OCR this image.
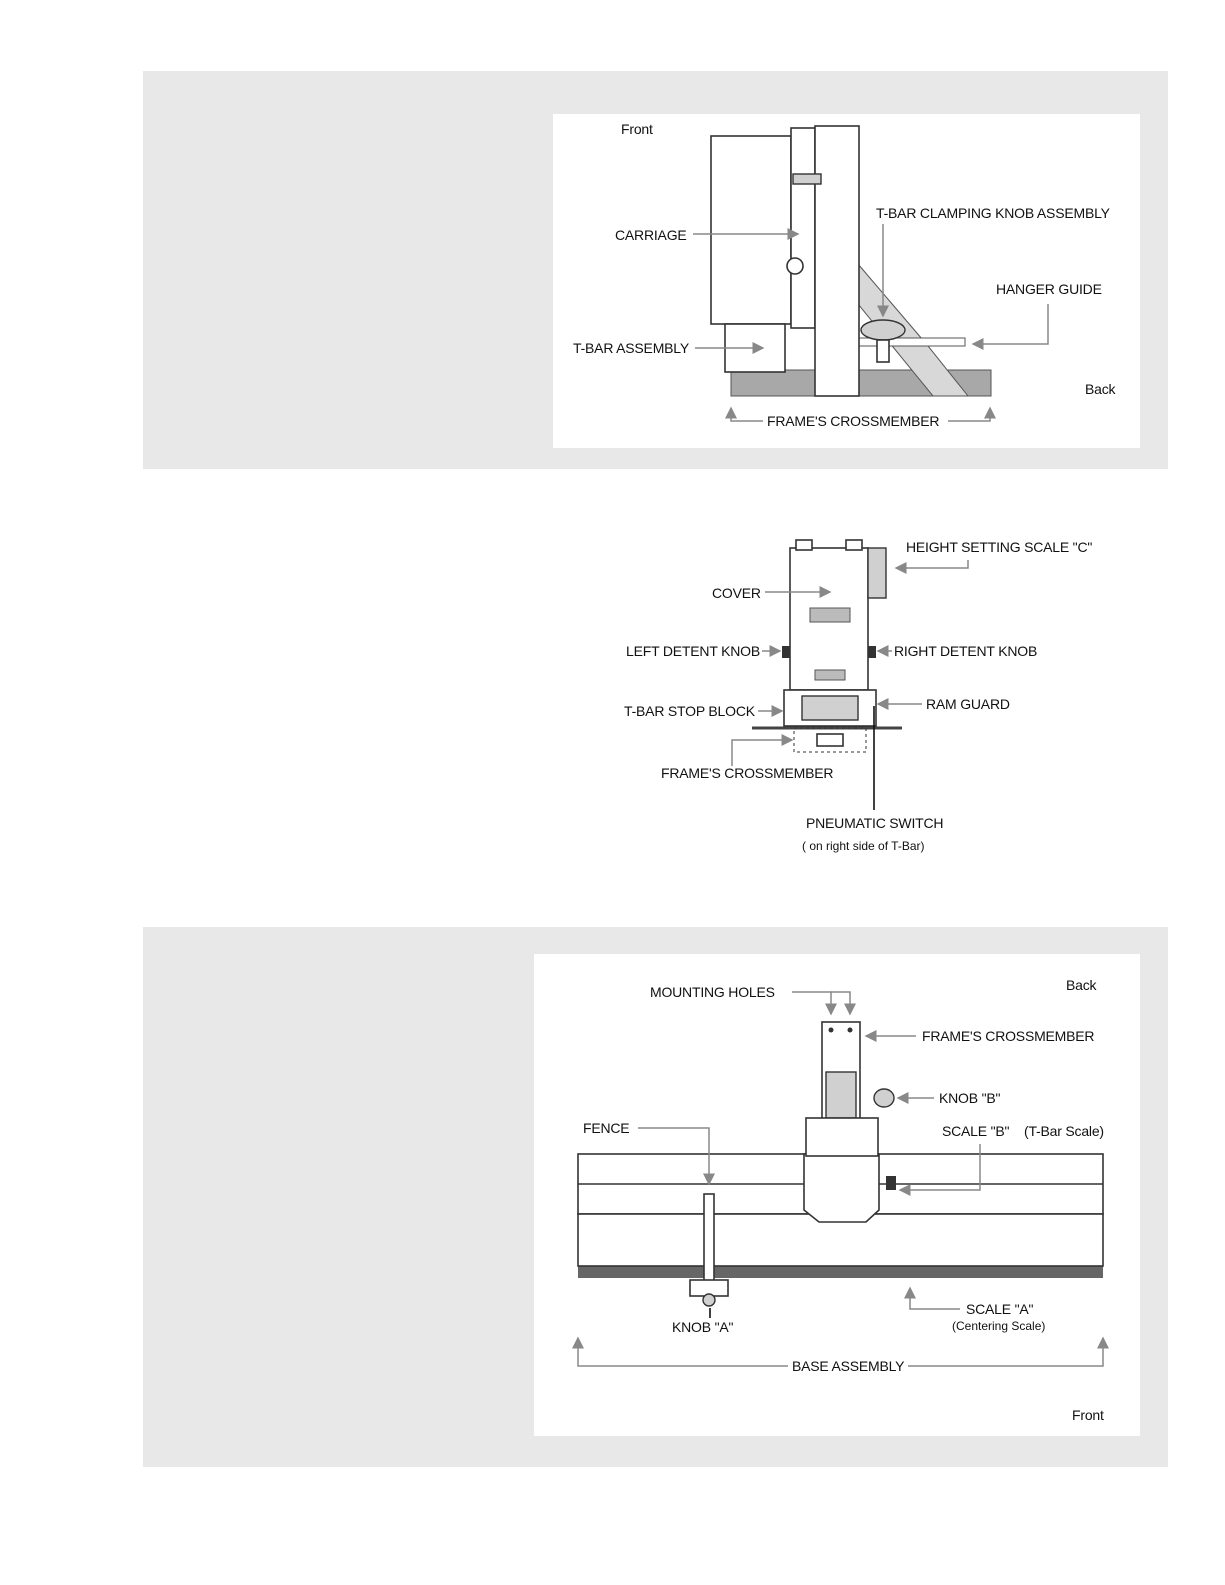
Front
Back
CARRIAGE
T-BAR ASSEMBLY
T-BAR CLAMPING KNOB ASSEMBLY
HANGER GUIDE
FRAME'S CROSSMEMBER
HEIGHT SETTING SCALE "C"
COVER
LEFT DETENT KNOB	RIGHT DETENT KNOB
T-BAR STOP BLOCK	RAM GUARD
FRAME'S CROSSMEMBER
PNEUMATIC SWITCH
( on right side of T-Bar)
Back
Front
MOUNTING HOLES
FRAME'S CROSSMEMBER
KNOB "B"
FENCE	SCALE "B" (T-Bar Scale)
KNOB "A"
SCALE "A"
(Centering Scale)
BASE ASSEMBLY
